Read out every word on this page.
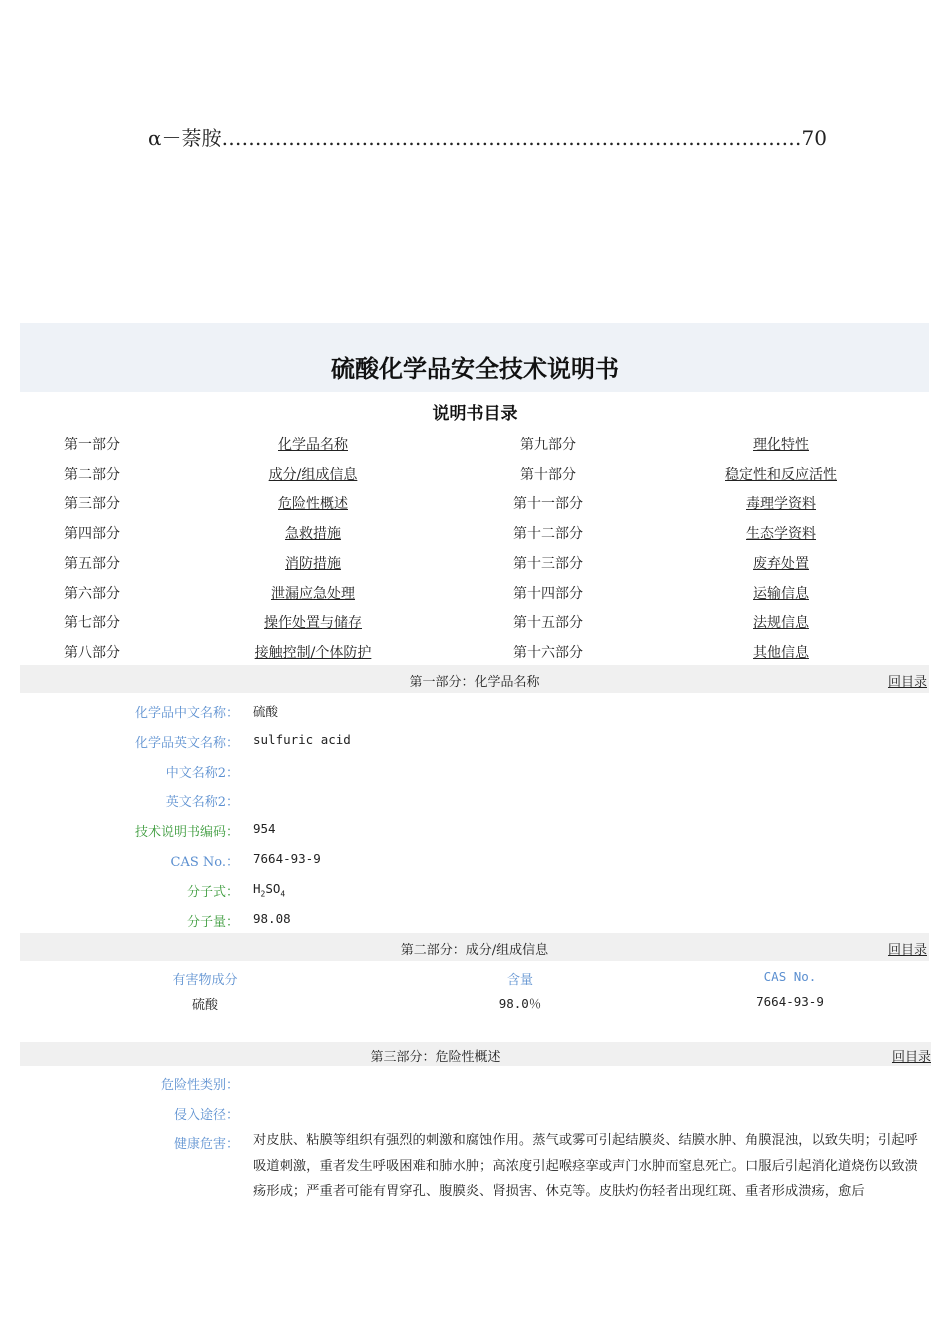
α－萘胺……………………………………………………………………………70
硫酸化学品安全技术说明书
说明书目录
第一部分	化学品名称	第九部分	理化特性
第二部分	成分/组成信息	第十部分	稳定性和反应活性
第三部分	危险性概述	第十一部分	毒理学资料
第四部分	急救措施	第十二部分	生态学资料
第五部分	消防措施	第十三部分	废弃处置
第六部分	泄漏应急处理	第十四部分	运输信息
第七部分	操作处置与储存	第十五部分	法规信息
第八部分	接触控制/个体防护	第十六部分	其他信息
第一部分：化学品名称	回目录
化学品中文名称： 硫酸
化学品英文名称： sulfuric acid
中文名称2：
英文名称2：
技术说明书编码： 954
CAS No.： 7664-93-9
分子式： $H_2SO_4$
分子量： 98.08
第二部分：成分/组成信息	回目录
有害物成分	含量	CAS No.
硫酸	98.0％	7664-93-9
第三部分：危险性概述	回目录
危险性类别：
侵入途径：
健康危害： 对皮肤、粘膜等组织有强烈的刺激和腐蚀作用。蒸气或雾可引起结膜炎、结膜水肿、角膜混浊，以致失明；引起呼吸道刺激，重者发生呼吸困难和肺水肿；高浓度引起喉痉挛或声门水肿而窒息死亡。口服后引起消化道烧伤以致溃疡形成；严重者可能有胃穿孔、腹膜炎、肾损害、休克等。皮肤灼伤轻者出现红斑、重者形成溃疡，愈后
